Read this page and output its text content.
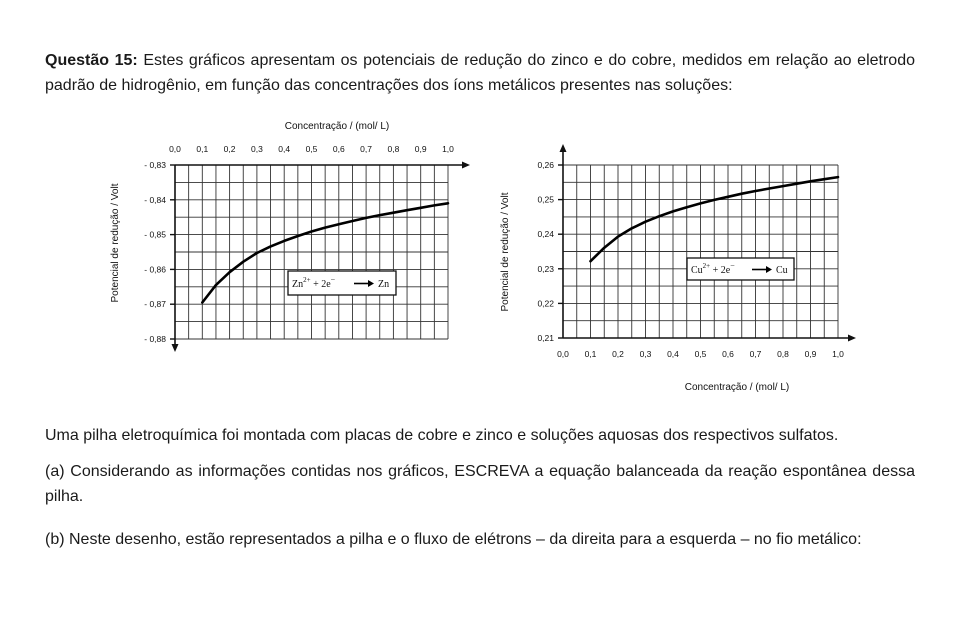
Questão 15: Estes gráficos apresentam os potenciais de redução do zinco e do cobre, medidos em relação ao eletrodo padrão de hidrogênio, em função das concentrações dos íons metálicos presentes nas soluções:

- 0,83
- 0,84
- 0,85
- 0,86
- 0,87
- 0,88
0,0 0,1 0,2 0,3 0,4 0,5 0,6 0,7 0,8 0,9 1,0
Concentração / (mol/ L)
Potencial de redução / Volt	$Zn^{2+} + 2e^-$	Zn
0,26
0,25
0,24
0,23
0,22
0,21
0,0 0,1 0,2 0,3 0,4 0,5 0,6 0,7 0,8 0,9 1,0
Concentração / (mol/ L)
Potencial de redução / Volt	$Cu^{2+} + 2e^-$	Cu

Uma pilha eletroquímica foi montada com placas de cobre e zinco e soluções aquosas dos respectivos sulfatos.

(a) Considerando as informações contidas nos gráficos, ESCREVA a equação balanceada da reação espontânea dessa pilha.

(b) Neste desenho, estão representados a pilha e o fluxo de elétrons – da direita para a esquerda – no fio metálico:
